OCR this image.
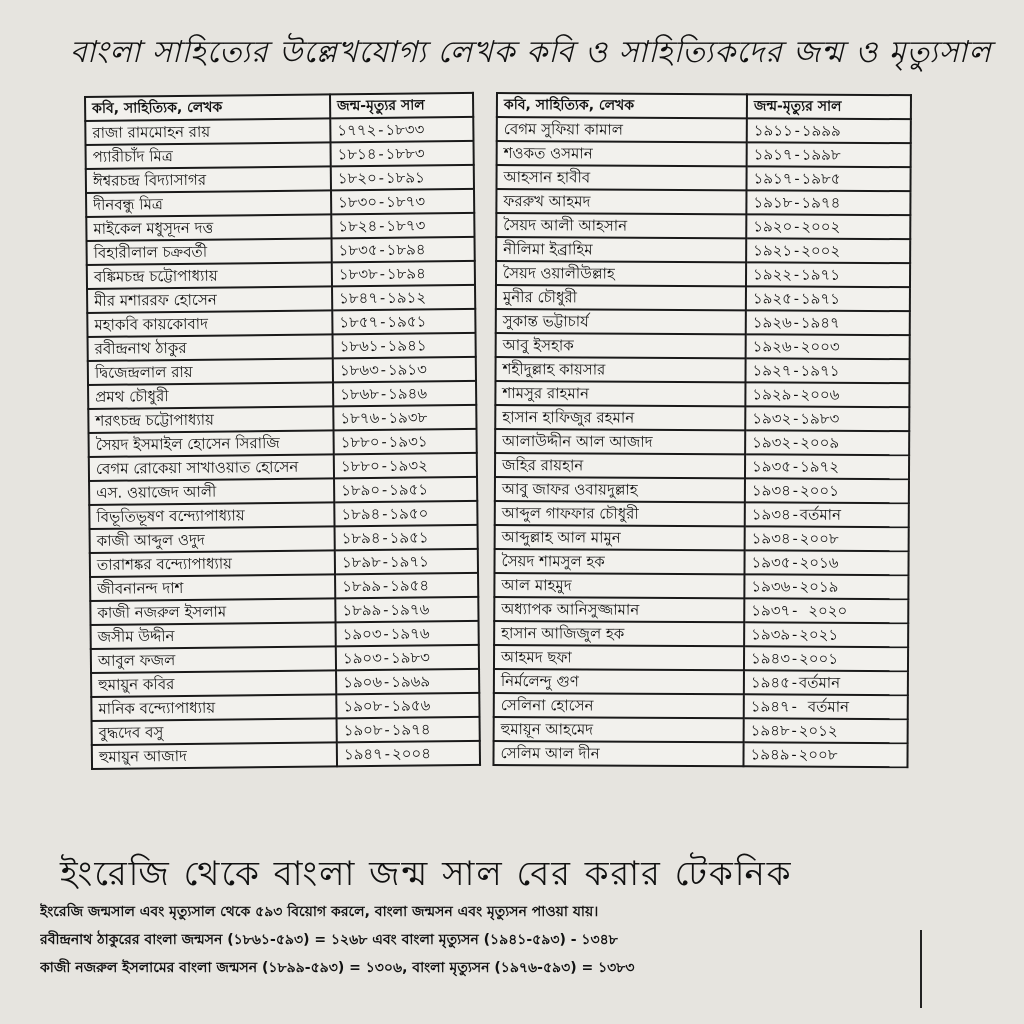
বাংলা সাহিত্যের উল্লেখযোগ্য লেখক কবি ও সাহিত্যিকদের জন্ম ও মৃত্যুসাল
কবি, সাহিত্যিক, লেখক	জন্ম-মৃত্যুর সাল
রাজা রামমোহন রায়	১৭৭২-১৮৩৩
প্যারীচাঁদ মিত্র	১৮১৪-১৮৮৩
ঈশ্বরচন্দ্র বিদ্যাসাগর	১৮২০-১৮৯১
দীনবন্ধু মিত্র	১৮৩০-১৮৭৩
মাইকেল মধুসূদন দত্ত	১৮২৪-১৮৭৩
বিহারীলাল চক্রবর্তী	১৮৩৫-১৮৯৪
বঙ্কিমচন্দ্র চট্টোপাধ্যায়	১৮৩৮-১৮৯৪
মীর মশাররফ হোসেন	১৮৪৭-১৯১২
মহাকবি কায়কোবাদ	১৮৫৭-১৯৫১
রবীন্দ্রনাথ ঠাকুর	১৮৬১-১৯৪১
দ্বিজেন্দ্রলাল রায়	১৮৬৩-১৯১৩
প্রমথ চৌধুরী	১৮৬৮-১৯৪৬
শরৎচন্দ্র চট্টোপাধ্যায়	১৮৭৬-১৯৩৮
সৈয়দ ইসমাইল হোসেন সিরাজি	১৮৮০-১৯৩১
বেগম রোকেয়া সাখাওয়াত হোসেন	১৮৮০-১৯৩২
এস. ওয়াজেদ আলী	১৮৯০-১৯৫১
বিভূতিভূষণ বন্দ্যোপাধ্যায়	১৮৯৪-১৯৫০
কাজী আব্দুল ওদুদ	১৮৯৪-১৯৫১
তারাশঙ্কর বন্দ্যোপাধ্যায়	১৮৯৮-১৯৭১
জীবনানন্দ দাশ	১৮৯৯-১৯৫৪
কাজী নজরুল ইসলাম	১৮৯৯-১৯৭৬
জসীম উদ্দীন	১৯০৩-১৯৭৬
আবুল ফজল	১৯০৩-১৯৮৩
হুমায়ুন কবির	১৯০৬-১৯৬৯
মানিক বন্দ্যোপাধ্যায়	১৯০৮-১৯৫৬
বুদ্ধদেব বসু	১৯০৮-১৯৭৪
হুমায়ুন আজাদ	১৯৪৭-২০০৪
কবি, সাহিত্যিক, লেখক	জন্ম-মৃত্যুর সাল
বেগম সুফিয়া কামাল	১৯১১-১৯৯৯
শওকত ওসমান	১৯১৭-১৯৯৮
আহসান হাবীব	১৯১৭-১৯৮৫
ফররুখ আহমদ	১৯১৮-১৯৭৪
সৈয়দ আলী আহসান	১৯২০-২০০২
নীলিমা ইব্রাহিম	১৯২১-২০০২
সৈয়দ ওয়ালীউল্লাহ	১৯২২-১৯৭১
মুনীর চৌধুরী	১৯২৫-১৯৭১
সুকান্ত ভট্টাচার্য	১৯২৬-১৯৪৭
আবু ইসহাক	১৯২৬-২০০৩
শহীদুল্লাহ কায়সার	১৯২৭-১৯৭১
শামসুর রাহমান	১৯২৯-২০০৬
হাসান হাফিজুর রহমান	১৯৩২-১৯৮৩
আলাউদ্দীন আল আজাদ	১৯৩২-২০০৯
জহির রায়হান	১৯৩৫-১৯৭২
আবু জাফর ওবায়দুল্লাহ	১৯৩৪-২০০১
আব্দুল গাফফার চৌধুরী	১৯৩৪-বর্তমান
আব্দুল্লাহ আল মামুন	১৯৩৪-২০০৮
সৈয়দ শামসুল হক	১৯৩৫-২০১৬
আল মাহমুদ	১৯৩৬-২০১৯
অধ্যাপক আনিসুজ্জামান	১৯৩৭- ২০২০
হাসান আজিজুল হক	১৯৩৯-২০২১
আহমদ ছফা	১৯৪৩-২০০১
নির্মলেন্দু গুণ	১৯৪৫-বর্তমান
সেলিনা হোসেন	১৯৪৭- বর্তমান
হুমায়ূন আহমেদ	১৯৪৮-২০১২
সেলিম আল দীন	১৯৪৯-২০০৮
ইংরেজি থেকে বাংলা জন্ম সাল বের করার টেকনিক
ইংরেজি জন্মসাল এবং মৃত্যুসাল থেকে ৫৯৩ বিয়োগ করলে, বাংলা জন্মসন এবং মৃত্যুসন পাওয়া যায়।
রবীন্দ্রনাথ ঠাকুরের বাংলা জন্মসন (১৮৬১-৫৯৩) = ১২৬৮ এবং বাংলা মৃত্যুসন (১৯৪১-৫৯৩) - ১৩৪৮
কাজী নজরুল ইসলামের বাংলা জন্মসন (১৮৯৯-৫৯৩) = ১৩০৬, বাংলা মৃত্যুসন (১৯৭৬-৫৯৩) = ১৩৮৩
